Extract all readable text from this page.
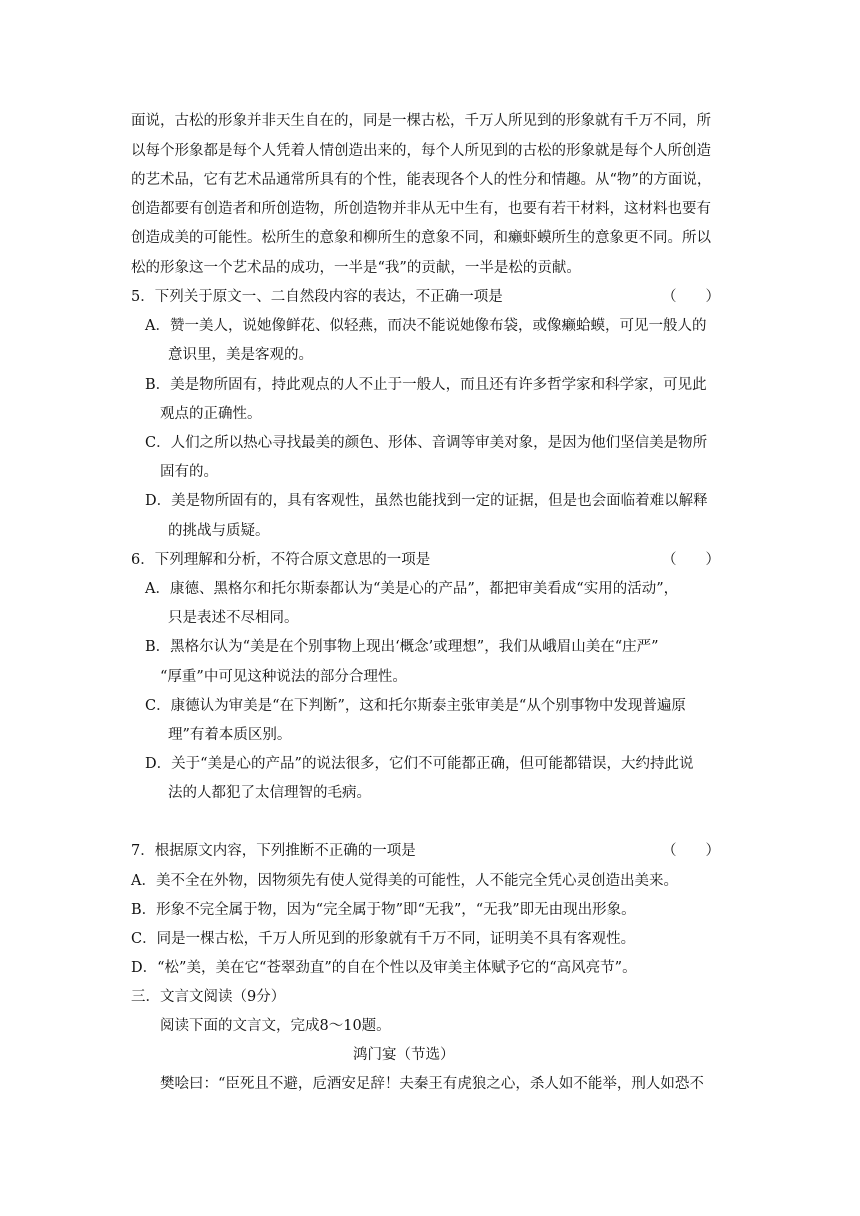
面说，古松的形象并非天生自在的，同是一棵古松，千万人所见到的形象就有千万不同，所
以每个形象都是每个人凭着人情创造出来的，每个人所见到的古松的形象就是每个人所创造
的艺术品，它有艺术品通常所具有的个性，能表现各个人的性分和情趣。从“物”的方面说，
创造都要有创造者和所创造物，所创造物并非从无中生有，也要有若干材料，这材料也要有
创造成美的可能性。松所生的意象和柳所生的意象不同，和癞虾蟆所生的意象更不同。所以
松的形象这一个艺术品的成功，一半是“我”的贡献，一半是松的贡献。
5．下列关于原文一、二自然段内容的表达，不正确一项是	（　　）
A．赞一美人，说她像鲜花、似轻燕，而决不能说她像布袋，或像癞蛤蟆，可见一般人的
意识里，美是客观的。
B．美是物所固有，持此观点的人不止于一般人，而且还有许多哲学家和科学家，可见此
观点的正确性。
C．人们之所以热心寻找最美的颜色、形体、音调等审美对象，是因为他们坚信美是物所
固有的。
D．美是物所固有的，具有客观性，虽然也能找到一定的证据，但是也会面临着难以解释
的挑战与质疑。
6．下列理解和分析，不符合原文意思的一项是	（　　）
A．康德、黑格尔和托尔斯泰都认为“美是心的产品”，都把审美看成“实用的活动”，
只是表述不尽相同。
B．黑格尔认为“美是在个别事物上现出‘概念’或理想”，我们从峨眉山美在“庄严”
“厚重”中可见这种说法的部分合理性。
C．康德认为审美是“在下判断”，这和托尔斯泰主张审美是“从个别事物中发现普遍原
理”有着本质区别。
D．关于“美是心的产品”的说法很多，它们不可能都正确，但可能都错误，大约持此说
法的人都犯了太信理智的毛病。
7．根据原文内容，下列推断不正确的一项是	（　　）
A．美不全在外物，因物须先有使人觉得美的可能性，人不能完全凭心灵创造出美来。
B．形象不完全属于物，因为“完全属于物”即“无我”，“无我”即无由现出形象。
C．同是一棵古松，千万人所见到的形象就有千万不同，证明美不具有客观性。
D．“松”美，美在它“苍翠劲直”的自在个性以及审美主体赋予它的“高风亮节”。
三．文言文阅读（9分）
阅读下面的文言文，完成8～10题。
鸿门宴（节选）
樊哙曰：“臣死且不避，卮酒安足辞！夫秦王有虎狼之心，杀人如不能举，刑人如恐不
